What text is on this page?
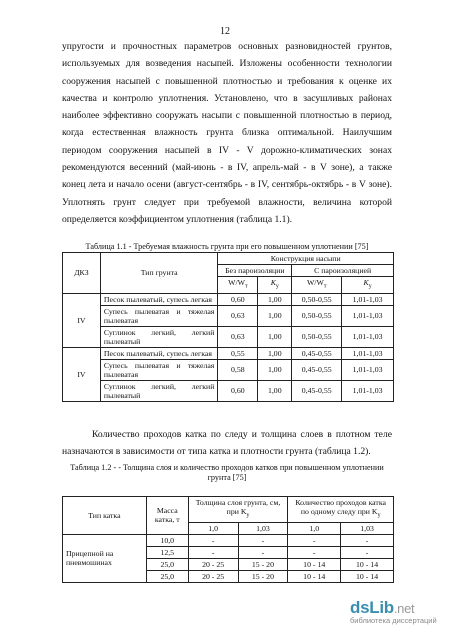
12

упругости и прочностных параметров основных разновидностей грунтов, используемых для возведения насыпей. Изложены особенности технологии сооружения насыпей с повышенной плотностью и требования к оценке их качества и контролю уплотнения. Установлено, что в засушливых районах наиболее эффективно сооружать насыпи с повышенной плотностью в период, когда естественная влажность грунта близка оптимальной. Наилучшим периодом сооружения насыпей в IV - V дорожно-климатических зонах рекомендуются весенний (май-июнь - в IV, апрель-май - в V зоне), а также конец лета и начало осени (август-сентябрь - в IV, сентябрь-октябрь - в V зоне). Уплотнять грунт следует при требуемой влажности, величина которой определяется коэффициентом уплотнения (таблица 1.1).

Таблица 1.1 - Требуемая влажность грунта при его повышенном уплотнении [75]
ДКЗ	Тип грунта	Конструкция насыпи			
		Без пароизоляции		С пароизоляцией	
		$W/W_т$	$K_у$	$W/W_т$	$K_у$
IV	Песок пылеватый, супесь легкая	0,60	1,00	0,50-0,55	1,01-1,03
	Супесь пылеватая и тяжелая пылеватая	0,63	1,00	0,50-0,55	1,01-1,03
	Суглинок легкий, легкий пылеватый	0,63	1,00	0,50-0,55	1,01-1,03
IV	Песок пылеватый, супесь легкая	0,55	1,00	0,45-0,55	1,01-1,03
	Супесь пылеватая и тяжелая пылеватая	0,58	1,00	0,45-0,55	1,01-1,03
	Суглинок легкий, легкий пылеватый	0,60	1,00	0,45-0,55	1,01-1,03

Количество проходов катка по следу и толщина слоев в плотном теле назначаются в зависимости от типа катка и плотности грунта (таблица 1.2).

Таблица 1.2 - - Толщина слоя и количество проходов катков при повышенном уплотнении грунта [75]
Тип катка	Масса катка, т	Толщина слоя грунта, см, при $K_у$		Количество проходов катка по одному следу при $K_у$
		1,0	1,03	1,0	1,03
Прицепной на пневмошинах	10,0	-	-	-	-
	12,5	-	-	-	-
	25,0	20 - 25	15 - 20	10 - 14	10 - 14
	25,0	20 - 25	15 - 20	10 - 14	10 - 14
dsLib.net
библиотека диссертаций
